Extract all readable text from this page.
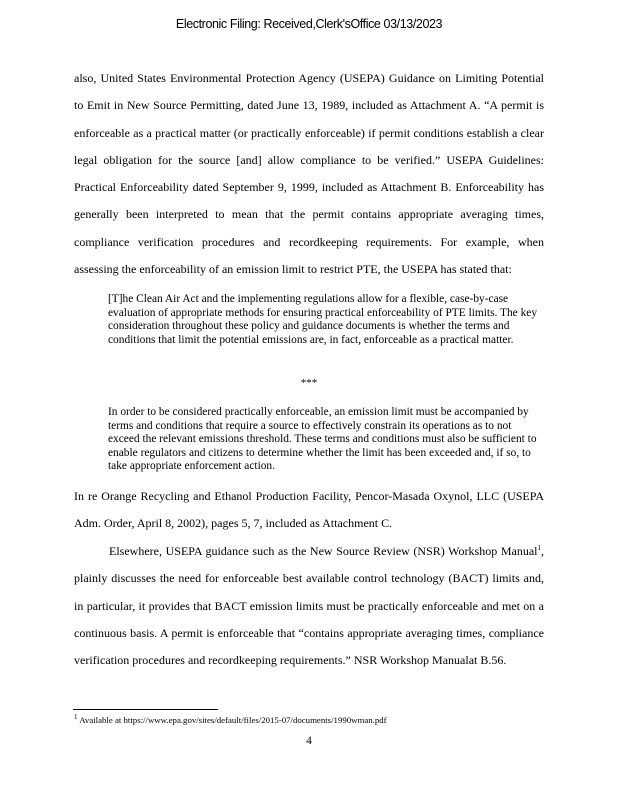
Electronic Filing: Received,Clerk'sOffice 03/13/2023

also, United States Environmental Protection Agency (USEPA) Guidance on Limiting Potential to Emit in New Source Permitting, dated June 13, 1989, included as Attachment A. “A permit is enforceable as a practical matter (or practically enforceable) if permit conditions establish a clear legal obligation for the source [and] allow compliance to be verified.” USEPA Guidelines: Practical Enforceability dated September 9, 1999, included as Attachment B. Enforceability has generally been interpreted to mean that the permit contains appropriate averaging times, compliance verification procedures and recordkeeping requirements. For example, when assessing the enforceability of an emission limit to restrict PTE, the USEPA has stated that:

[T]he Clean Air Act and the implementing regulations allow for a flexible, case-by-case evaluation of appropriate methods for ensuring practical enforceability of PTE limits. The key consideration throughout these policy and guidance documents is whether the terms and conditions that limit the potential emissions are, in fact, enforceable as a practical matter.

***

In order to be considered practically enforceable, an emission limit must be accompanied by terms and conditions that require a source to effectively constrain its operations as to not exceed the relevant emissions threshold. These terms and conditions must also be sufficient to enable regulators and citizens to determine whether the limit has been exceeded and, if so, to take appropriate enforcement action.

In re Orange Recycling and Ethanol Production Facility, Pencor-Masada Oxynol, LLC (USEPA Adm. Order, April 8, 2002), pages 5, 7, included as Attachment C.

Elsewhere, USEPA guidance such as the New Source Review (NSR) Workshop Manual$^1$, plainly discusses the need for enforceable best available control technology (BACT) limits and, in particular, it provides that BACT emission limits must be practically enforceable and met on a continuous basis. A permit is enforceable that “contains appropriate averaging times, compliance verification procedures and recordkeeping requirements.” NSR Workshop Manualat B.56.

$^1$ Available at https://www.epa.gov/sites/default/files/2015-07/documents/1990wman.pdf

4
